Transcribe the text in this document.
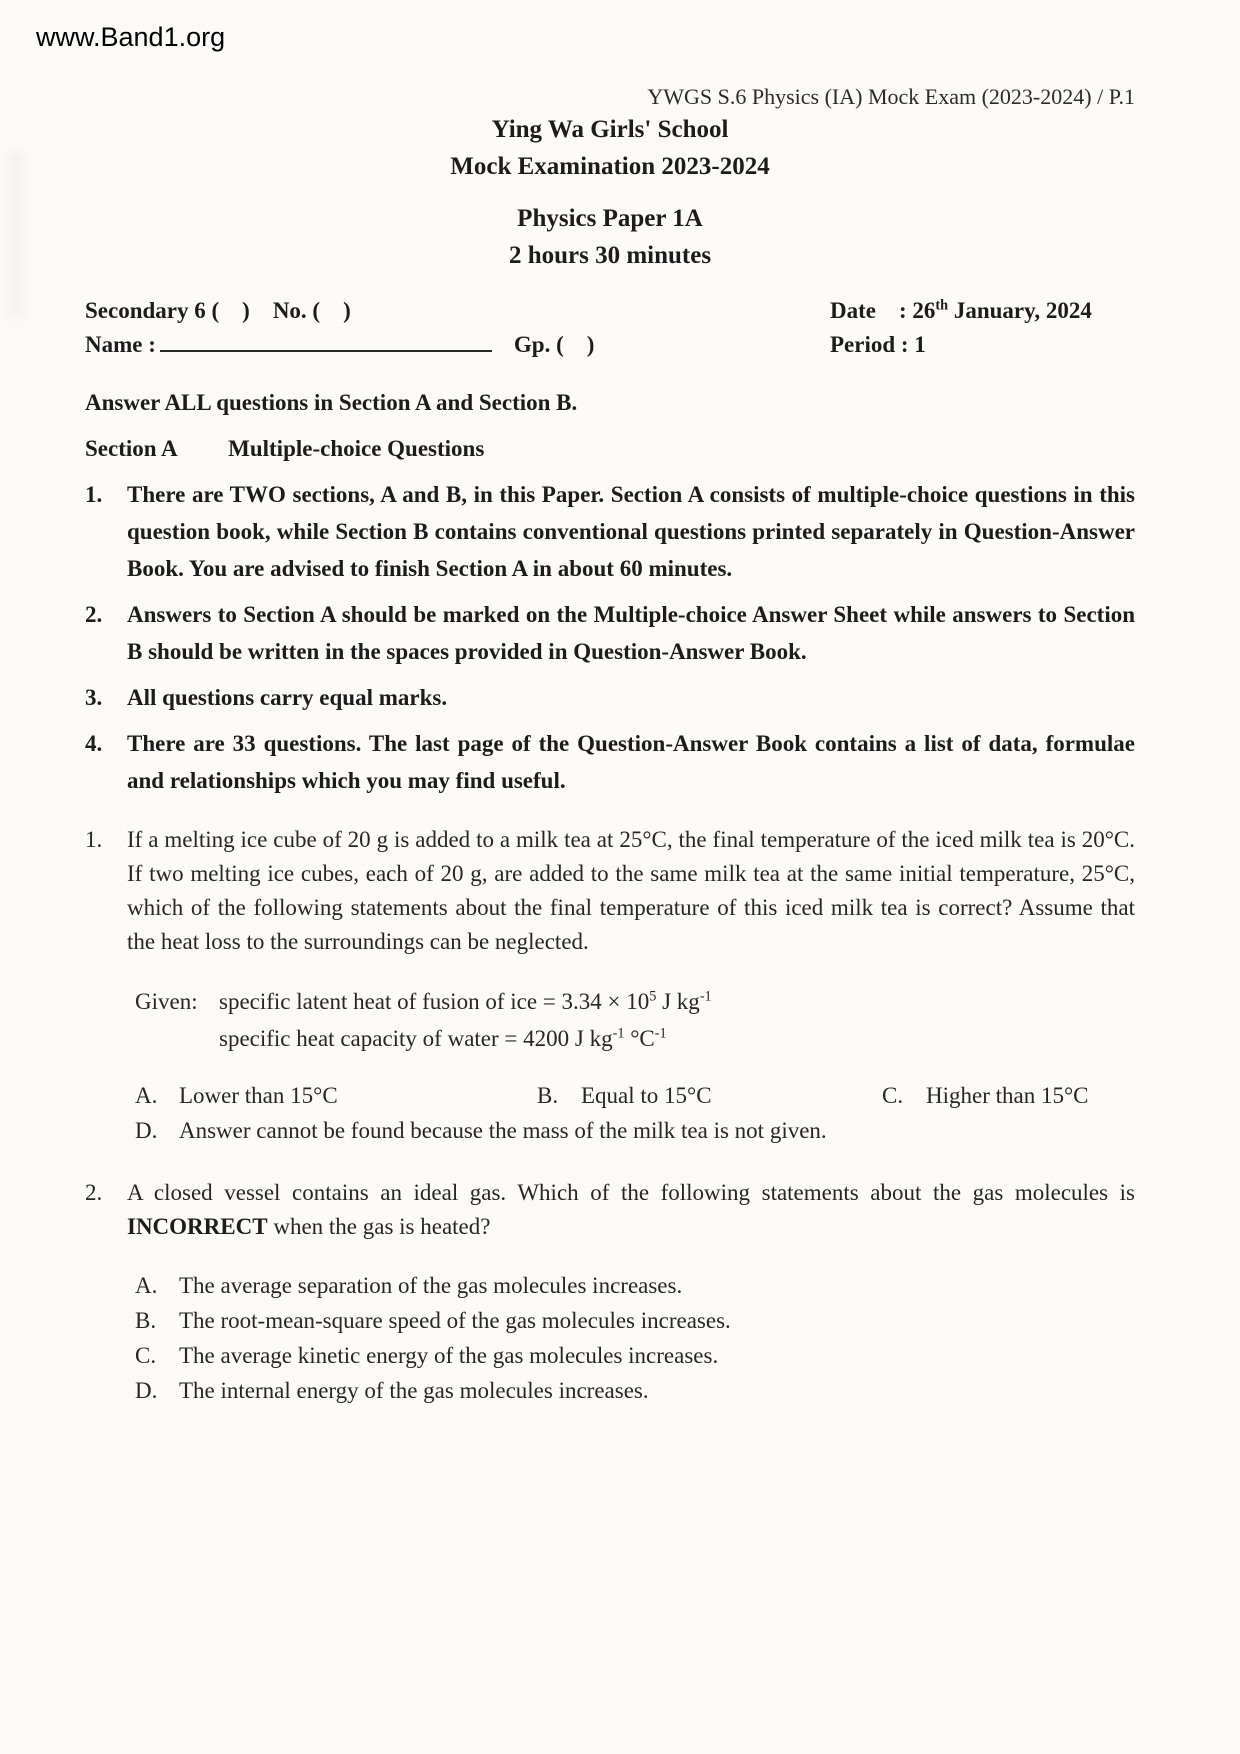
www.Band1.org
YWGS S.6 Physics (IA) Mock Exam (2023-2024) / P.1
Ying Wa Girls' School
Mock Examination 2023-2024
Physics Paper 1A
2 hours 30 minutes
Secondary 6 (    )    No. (    )	Date    : 26th January, 2024
Name :	Gp. (    )	Period : 1
Answer ALL questions in Section A and Section B.
Section A Multiple-choice Questions
1.	There are TWO sections, A and B, in this Paper. Section A consists of multiple-choice questions in this question book, while Section B contains conventional questions printed separately in Question-Answer Book. You are advised to finish Section A in about 60 minutes.
2.	Answers to Section A should be marked on the Multiple-choice Answer Sheet while answers to Section B should be written in the spaces provided in Question-Answer Book.
3.	All questions carry equal marks.
4.	There are 33 questions. The last page of the Question-Answer Book contains a list of data, formulae and relationships which you may find useful.
1.	If a melting ice cube of 20 g is added to a milk tea at 25°C, the final temperature of the iced milk tea is 20°C. If two melting ice cubes, each of 20 g, are added to the same milk tea at the same initial temperature, 25°C, which of the following statements about the final temperature of this iced milk tea is correct? Assume that the heat loss to the surroundings can be neglected.
Given: specific latent heat of fusion of ice = $3.34 \times 10^5$ J $kg^{-1}$
specific heat capacity of water = 4200 J $kg^{-1}$ $^\circ C^{-1}$
A. Lower than 15°C	B. Equal to 15°C	C. Higher than 15°C
D. Answer cannot be found because the mass of the milk tea is not given.
2.	A closed vessel contains an ideal gas. Which of the following statements about the gas molecules is INCORRECT when the gas is heated?
A. The average separation of the gas molecules increases.
B. The root-mean-square speed of the gas molecules increases.
C. The average kinetic energy of the gas molecules increases.
D. The internal energy of the gas molecules increases.
